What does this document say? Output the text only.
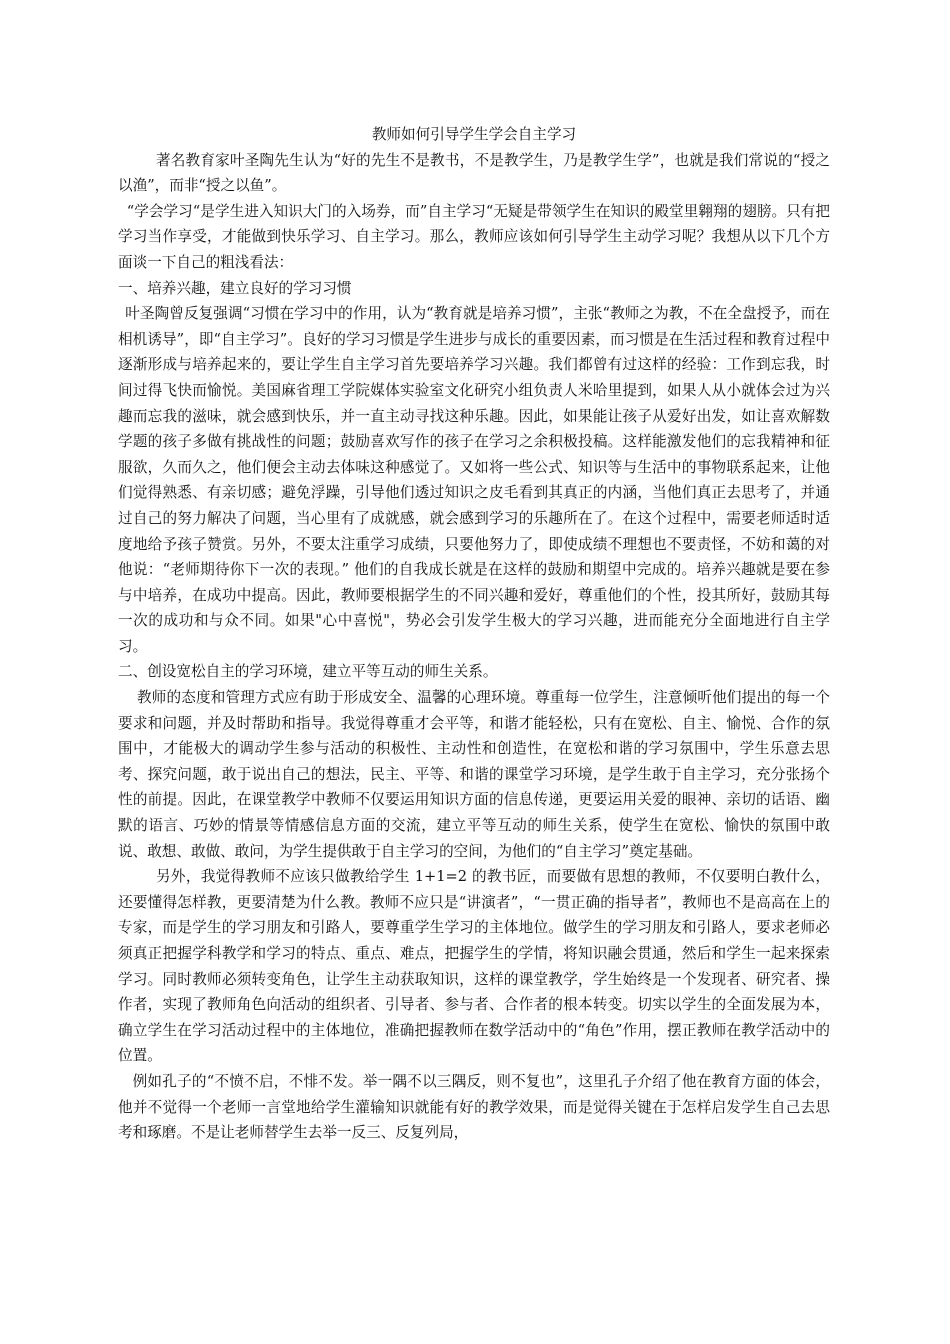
教师如何引导学生学会自主学习

著名教育家叶圣陶先生认为“好的先生不是教书，不是教学生，乃是教学生学”，也就是我们常说的“授之以渔”，而非“授之以鱼”。

“学会学习“是学生进入知识大门的入场券，而”自主学习“无疑是带领学生在知识的殿堂里翱翔的翅膀。只有把学习当作享受，才能做到快乐学习、自主学习。那么，教师应该如何引导学生主动学习呢？我想从以下几个方面谈一下自己的粗浅看法：

一、培养兴趣，建立良好的学习习惯

叶圣陶曾反复强调“习惯在学习中的作用，认为“教育就是培养习惯”，主张“教师之为教，不在全盘授予，而在相机诱导”，即“自主学习”。良好的学习习惯是学生进步与成长的重要因素，而习惯是在生活过程和教育过程中逐渐形成与培养起来的，要让学生自主学习首先要培养学习兴趣。我们都曾有过这样的经验：工作到忘我，时间过得飞快而愉悦。美国麻省理工学院媒体实验室文化研究小组负责人米哈里提到，如果人从小就体会过为兴趣而忘我的滋味，就会感到快乐，并一直主动寻找这种乐趣。因此，如果能让孩子从爱好出发，如让喜欢解数学题的孩子多做有挑战性的问题；鼓励喜欢写作的孩子在学习之余积极投稿。这样能激发他们的忘我精神和征服欲，久而久之，他们便会主动去体味这种感觉了。又如将一些公式、知识等与生活中的事物联系起来，让他们觉得熟悉、有亲切感；避免浮躁，引导他们透过知识之皮毛看到其真正的内涵，当他们真正去思考了，并通过自己的努力解决了问题，当心里有了成就感，就会感到学习的乐趣所在了。在这个过程中，需要老师适时适度地给予孩子赞赏。另外，不要太注重学习成绩，只要他努力了，即使成绩不理想也不要责怪，不妨和蔼的对他说：“老师期待你下一次的表现。” 他们的自我成长就是在这样的鼓励和期望中完成的。培养兴趣就是要在参与中培养，在成功中提高。因此，教师要根据学生的不同兴趣和爱好，尊重他们的个性，投其所好，鼓励其每一次的成功和与众不同。如果"心中喜悦"，势必会引发学生极大的学习兴趣，进而能充分全面地进行自主学习。

二、创设宽松自主的学习环境，建立平等互动的师生关系。

教师的态度和管理方式应有助于形成安全、温馨的心理环境。尊重每一位学生，注意倾听他们提出的每一个要求和问题，并及时帮助和指导。我觉得尊重才会平等，和谐才能轻松，只有在宽松、自主、愉悦、合作的氛围中，才能极大的调动学生参与活动的积极性、主动性和创造性，在宽松和谐的学习氛围中，学生乐意去思考、探究问题，敢于说出自己的想法，民主、平等、和谐的课堂学习环境，是学生敢于自主学习，充分张扬个性的前提。因此，在课堂教学中教师不仅要运用知识方面的信息传递，更要运用关爱的眼神、亲切的话语、幽默的语言、巧妙的情景等情感信息方面的交流，建立平等互动的师生关系，使学生在宽松、愉快的氛围中敢说、敢想、敢做、敢问，为学生提供敢于自主学习的空间，为他们的“自主学习”奠定基础。

另外，我觉得教师不应该只做教给学生 1+1=2 的教书匠，而要做有思想的教师，不仅要明白教什么，还要懂得怎样教，更要清楚为什么教。教师不应只是“讲演者”，“一贯正确的指导者”，教师也不是高高在上的专家，而是学生的学习朋友和引路人，要尊重学生学习的主体地位。做学生的学习朋友和引路人，要求老师必须真正把握学科教学和学习的特点、重点、难点，把握学生的学情，将知识融会贯通，然后和学生一起来探索学习。同时教师必须转变角色，让学生主动获取知识，这样的课堂教学，学生始终是一个发现者、研究者、操作者，实现了教师角色向活动的组织者、引导者、参与者、合作者的根本转变。切实以学生的全面发展为本，确立学生在学习活动过程中的主体地位，准确把握教师在数学活动中的“角色”作用，摆正教师在教学活动中的位置。

例如孔子的“不愤不启，不悱不发。举一隅不以三隅反，则不复也”，这里孔子介绍了他在教育方面的体会，他并不觉得一个老师一言堂地给学生灌输知识就能有好的教学效果，而是觉得关键在于怎样启发学生自己去思考和琢磨。不是让老师替学生去举一反三、反复列局，
